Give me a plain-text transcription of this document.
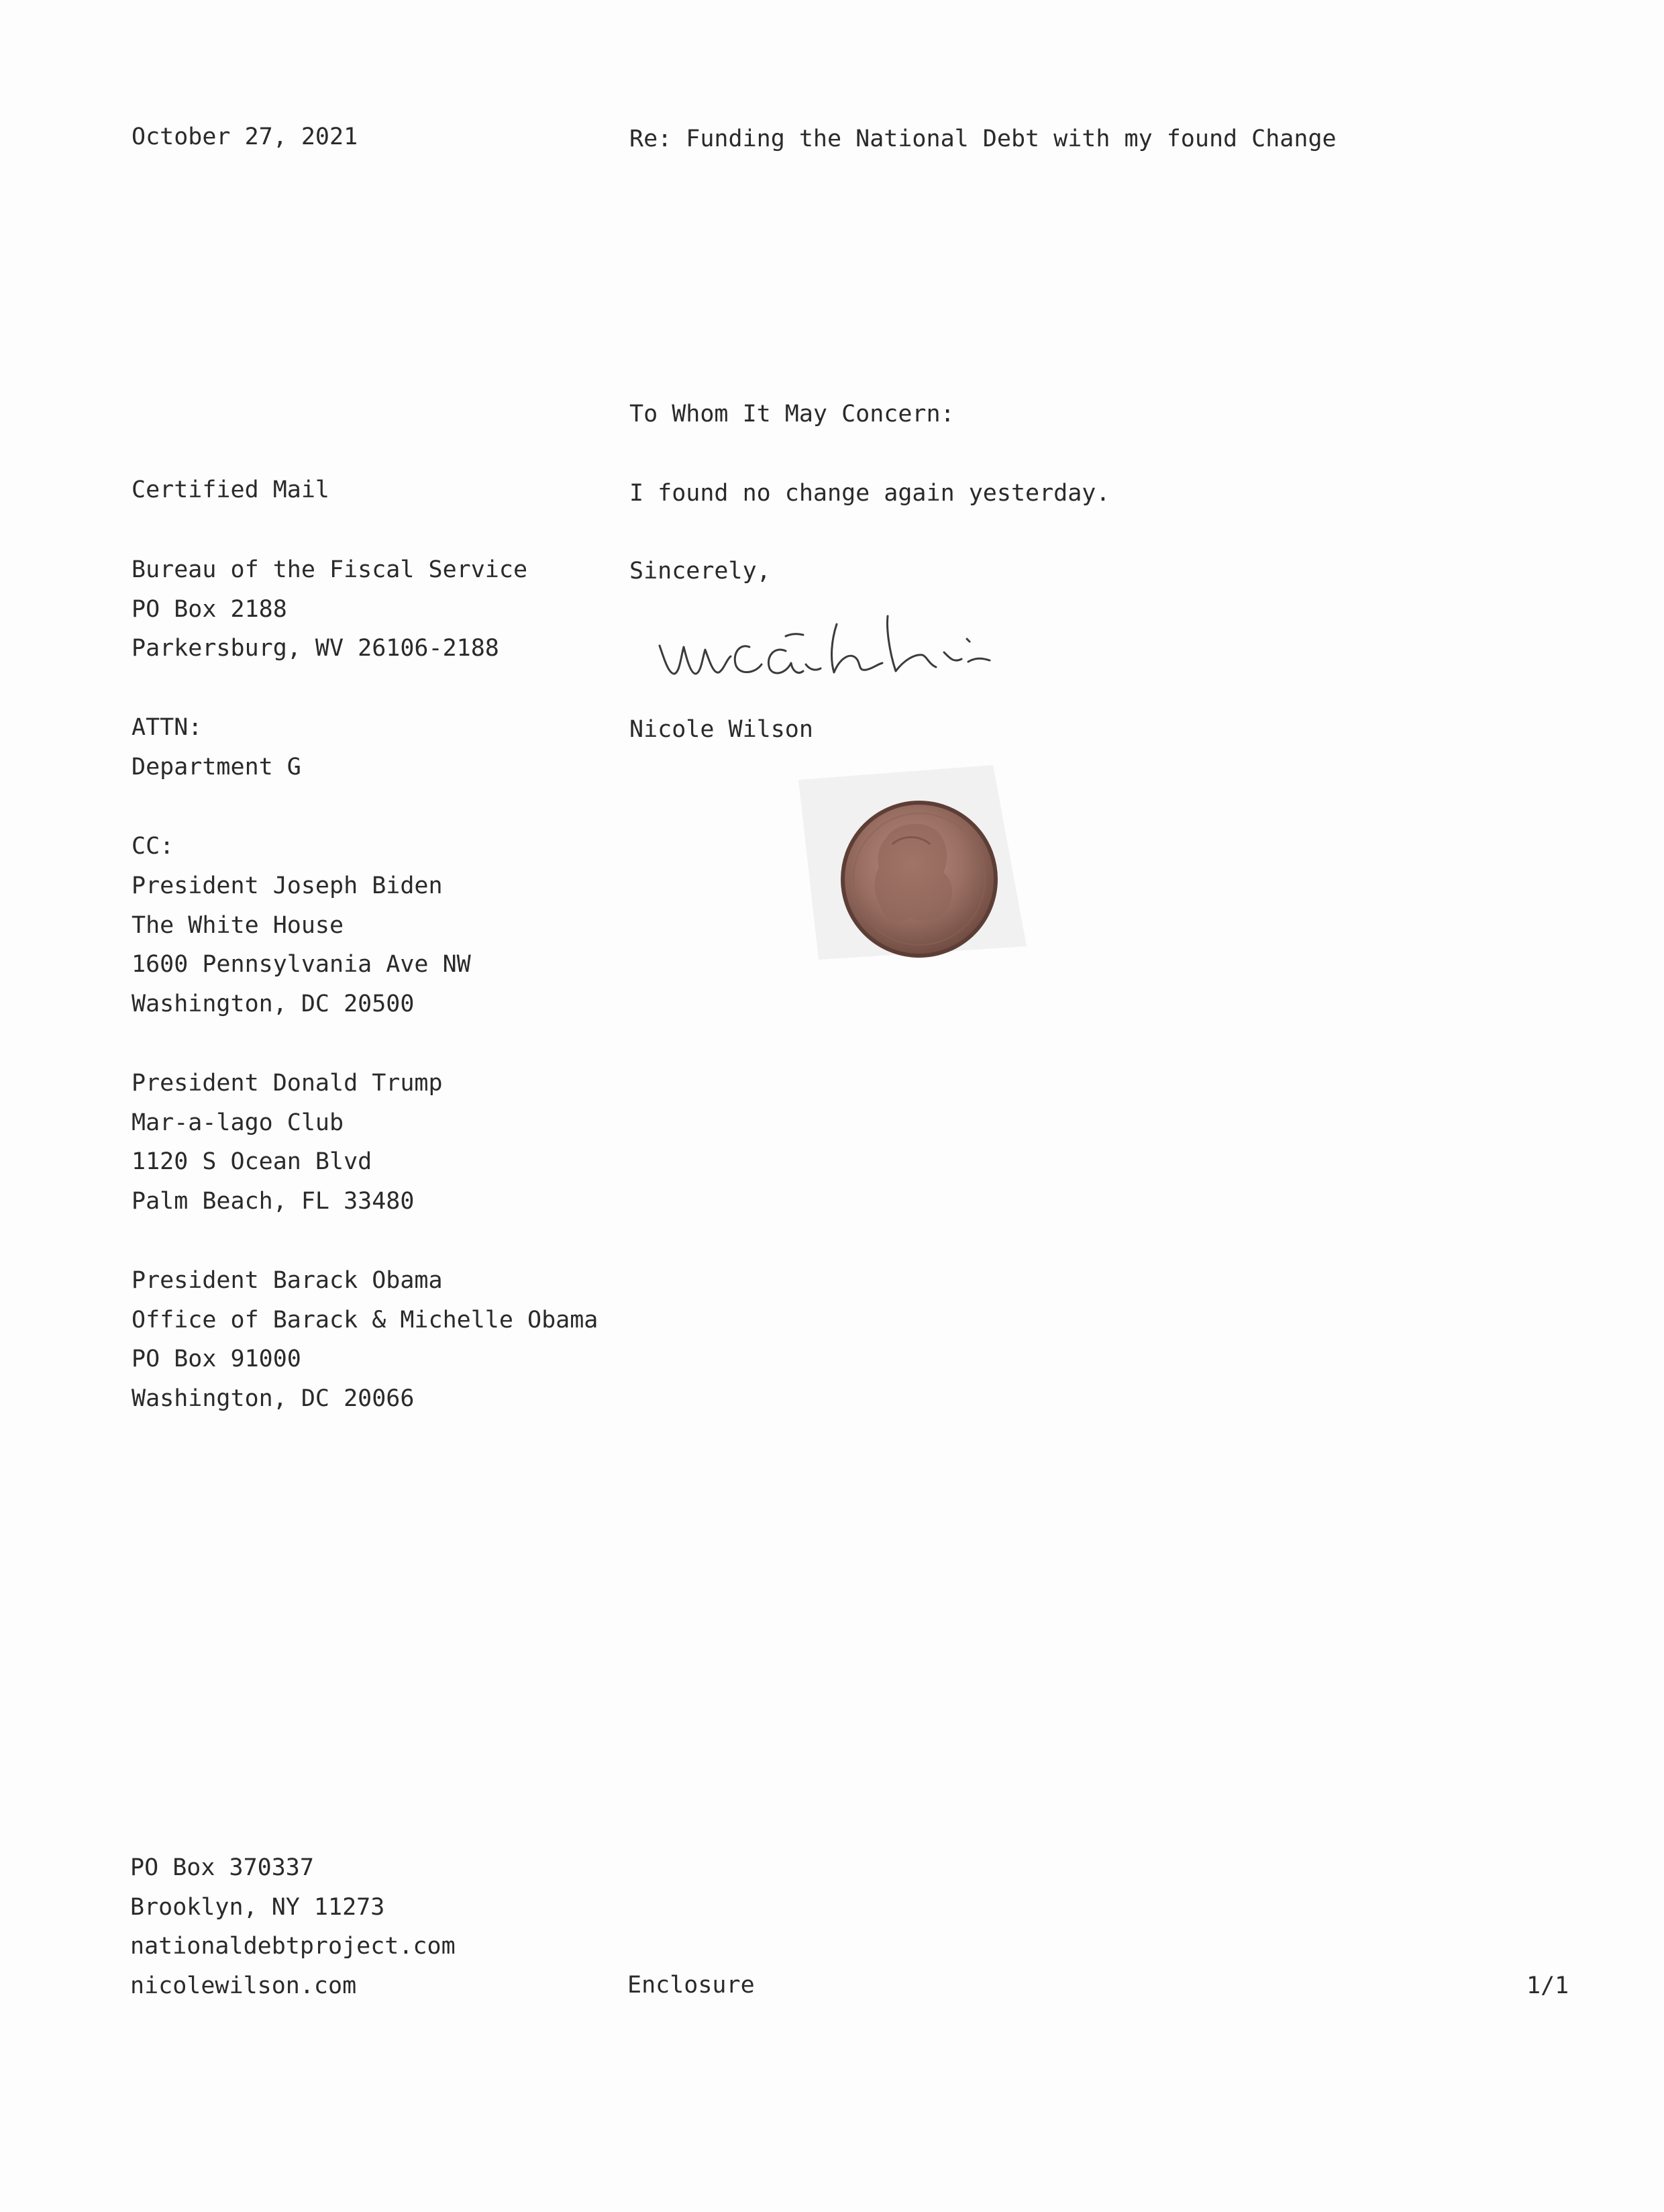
October 27, 2021	Re: Funding the National Debt with my found Change

To Whom It May Concern:

I found no change again yesterday.

Sincerely,

Nicole Wilson

Certified Mail

Bureau of the Fiscal Service
PO Box 2188
Parkersburg, WV 26106-2188
ATTN:
Department G

CC:

President Joseph Biden
The White House
1600 Pennsylvania Ave NW
Washington, DC 20500
President Donald Trump
Mar-a-lago Club
1120 S Ocean Blvd
Palm Beach, FL 33480
President Barack Obama
Office of Barack & Michelle Obama
PO Box 91000
Washington, DC 20066
PO Box 370337
Brooklyn, NY 11273
nationaldebtproject.com
nicolewilson.com	Enclosure	1/1
